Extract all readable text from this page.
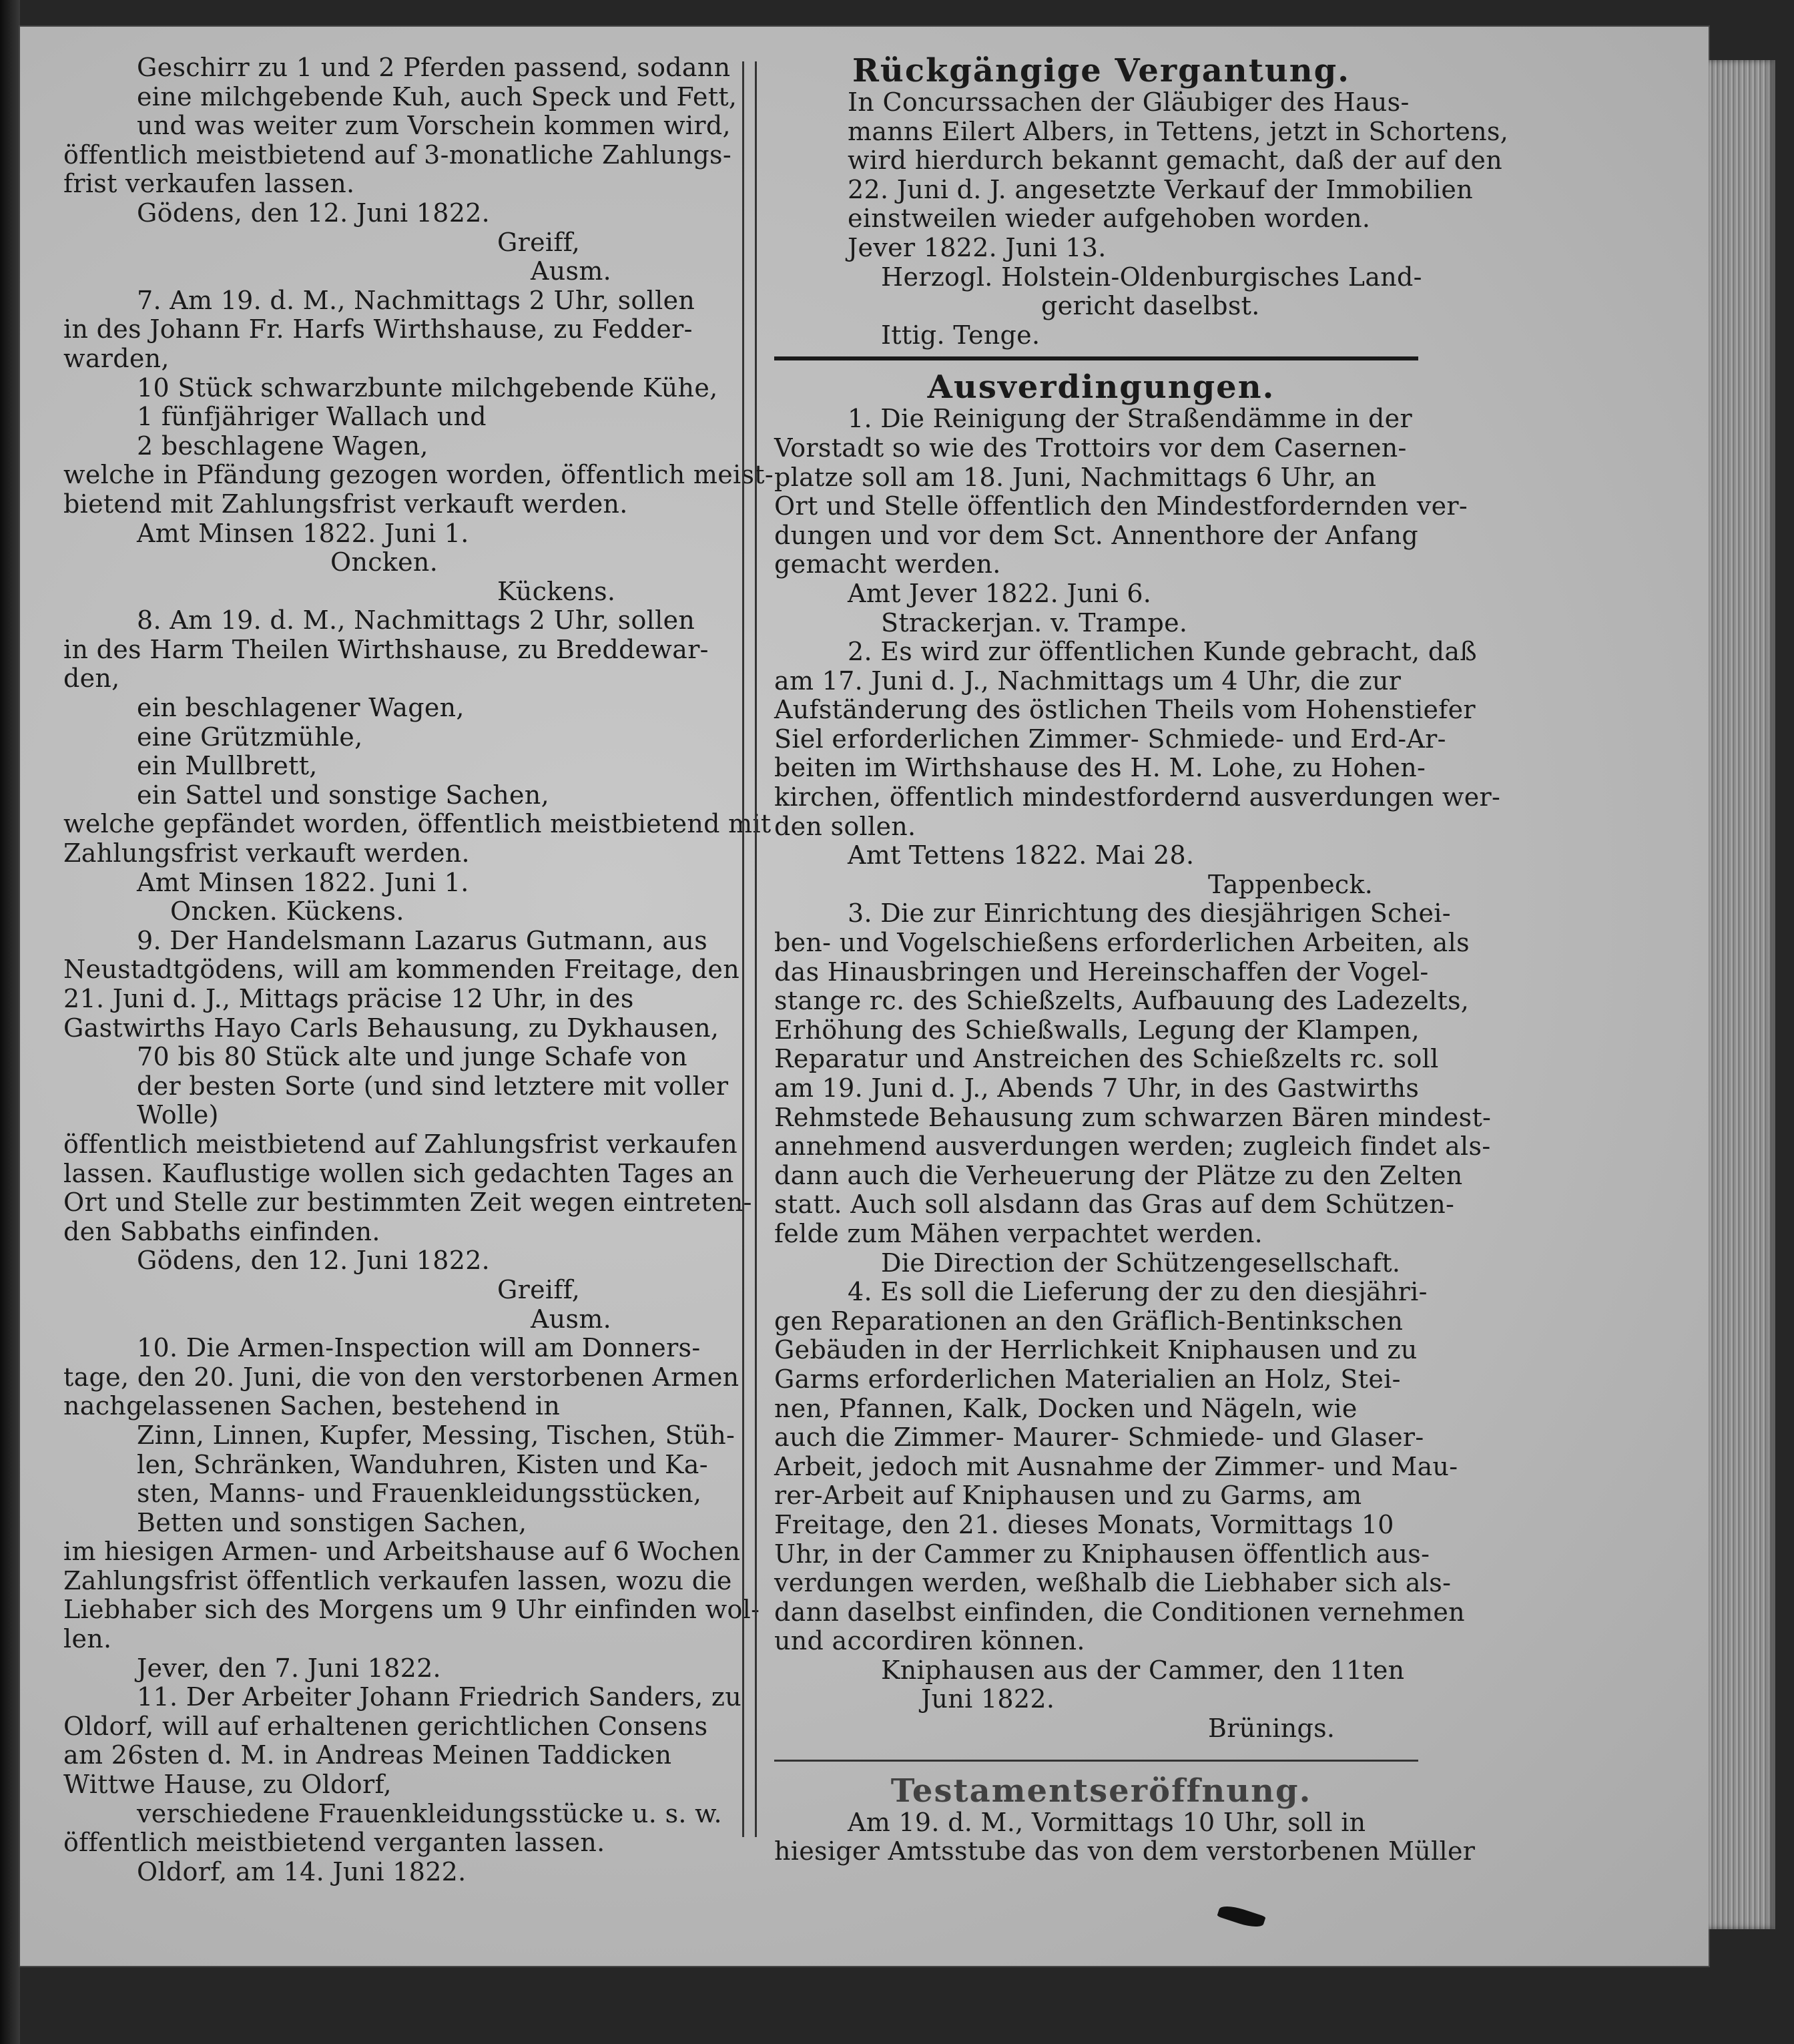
Geschirr zu 1 und 2 Pferden passend, sodann
eine milchgebende Kuh, auch Speck und Fett,
und was weiter zum Vorschein kommen wird,
öffentlich meistbietend auf 3-monatliche Zahlungs-
frist verkaufen lassen.
Gödens, den 12. Juni 1822.
Greiff,
Ausm.
7. Am 19. d. M., Nachmittags 2 Uhr, sollen
in des Johann Fr. Harfs Wirthshause, zu Fedder-
warden,
10 Stück schwarzbunte milchgebende Kühe,
1 fünfjähriger Wallach und
2 beschlagene Wagen,
welche in Pfändung gezogen worden, öffentlich meist-
bietend mit Zahlungsfrist verkauft werden.
Amt Minsen 1822. Juni 1.
Oncken.
Kückens.
8. Am 19. d. M., Nachmittags 2 Uhr, sollen
in des Harm Theilen Wirthshause, zu Breddewar-
den,
ein beschlagener Wagen,
eine Grützmühle,
ein Mullbrett,
ein Sattel und sonstige Sachen,
welche gepfändet worden, öffentlich meistbietend mit
Zahlungsfrist verkauft werden.
Amt Minsen 1822. Juni 1.
Oncken. Kückens.
9. Der Handelsmann Lazarus Gutmann, aus
Neustadtgödens, will am kommenden Freitage, den
21. Juni d. J., Mittags präcise 12 Uhr, in des
Gastwirths Hayo Carls Behausung, zu Dykhausen,
70 bis 80 Stück alte und junge Schafe von
der besten Sorte (und sind letztere mit voller
Wolle)
öffentlich meistbietend auf Zahlungsfrist verkaufen
lassen. Kauflustige wollen sich gedachten Tages an
Ort und Stelle zur bestimmten Zeit wegen eintreten-
den Sabbaths einfinden.
Gödens, den 12. Juni 1822.
Greiff,
Ausm.
10. Die Armen-Inspection will am Donners-
tage, den 20. Juni, die von den verstorbenen Armen
nachgelassenen Sachen, bestehend in
Zinn, Linnen, Kupfer, Messing, Tischen, Stüh-
len, Schränken, Wanduhren, Kisten und Ka-
sten, Manns- und Frauenkleidungsstücken,
Betten und sonstigen Sachen,
im hiesigen Armen- und Arbeitshause auf 6 Wochen
Zahlungsfrist öffentlich verkaufen lassen, wozu die
Liebhaber sich des Morgens um 9 Uhr einfinden wol-
len.
Jever, den 7. Juni 1822.
11. Der Arbeiter Johann Friedrich Sanders, zu
Oldorf, will auf erhaltenen gerichtlichen Consens
am 26sten d. M. in Andreas Meinen Taddicken
Wittwe Hause, zu Oldorf,
verschiedene Frauenkleidungsstücke u. s. w.
öffentlich meistbietend verganten lassen.
Oldorf, am 14. Juni 1822.
Rückgängige Vergantung.
In Concurssachen der Gläubiger des Haus-
manns Eilert Albers, in Tettens, jetzt in Schortens,
wird hierdurch bekannt gemacht, daß der auf den
22. Juni d. J. angesetzte Verkauf der Immobilien
einstweilen wieder aufgehoben worden.
Jever 1822. Juni 13.
Herzogl. Holstein-Oldenburgisches Land-
gericht daselbst.
Ittig. Tenge.
Ausverdingungen.
1. Die Reinigung der Straßendämme in der
Vorstadt so wie des Trottoirs vor dem Casernen-
platze soll am 18. Juni, Nachmittags 6 Uhr, an
Ort und Stelle öffentlich den Mindestfordernden ver-
dungen und vor dem Sct. Annenthore der Anfang
gemacht werden.
Amt Jever 1822. Juni 6.
Strackerjan. v. Trampe.
2. Es wird zur öffentlichen Kunde gebracht, daß
am 17. Juni d. J., Nachmittags um 4 Uhr, die zur
Aufständerung des östlichen Theils vom Hohenstiefer
Siel erforderlichen Zimmer- Schmiede- und Erd-Ar-
beiten im Wirthshause des H. M. Lohe, zu Hohen-
kirchen, öffentlich mindestfordernd ausverdungen wer-
den sollen.
Amt Tettens 1822. Mai 28.
Tappenbeck.
3. Die zur Einrichtung des diesjährigen Schei-
ben- und Vogelschießens erforderlichen Arbeiten, als
das Hinausbringen und Hereinschaffen der Vogel-
stange rc. des Schießzelts, Aufbauung des Ladezelts,
Erhöhung des Schießwalls, Legung der Klampen,
Reparatur und Anstreichen des Schießzelts rc. soll
am 19. Juni d. J., Abends 7 Uhr, in des Gastwirths
Rehmstede Behausung zum schwarzen Bären mindest-
annehmend ausverdungen werden; zugleich findet als-
dann auch die Verheuerung der Plätze zu den Zelten
statt. Auch soll alsdann das Gras auf dem Schützen-
felde zum Mähen verpachtet werden.
Die Direction der Schützengesellschaft.
4. Es soll die Lieferung der zu den diesjähri-
gen Reparationen an den Gräflich-Bentinkschen
Gebäuden in der Herrlichkeit Kniphausen und zu
Garms erforderlichen Materialien an Holz, Stei-
nen, Pfannen, Kalk, Docken und Nägeln, wie
auch die Zimmer- Maurer- Schmiede- und Glaser-
Arbeit, jedoch mit Ausnahme der Zimmer- und Mau-
rer-Arbeit auf Kniphausen und zu Garms, am
Freitage, den 21. dieses Monats, Vormittags 10
Uhr, in der Cammer zu Kniphausen öffentlich aus-
verdungen werden, weßhalb die Liebhaber sich als-
dann daselbst einfinden, die Conditionen vernehmen
und accordiren können.
Kniphausen aus der Cammer, den 11ten
Juni 1822.
Brünings.
Testamentseröffnung.
Am 19. d. M., Vormittags 10 Uhr, soll in
hiesiger Amtsstube das von dem verstorbenen Müller
